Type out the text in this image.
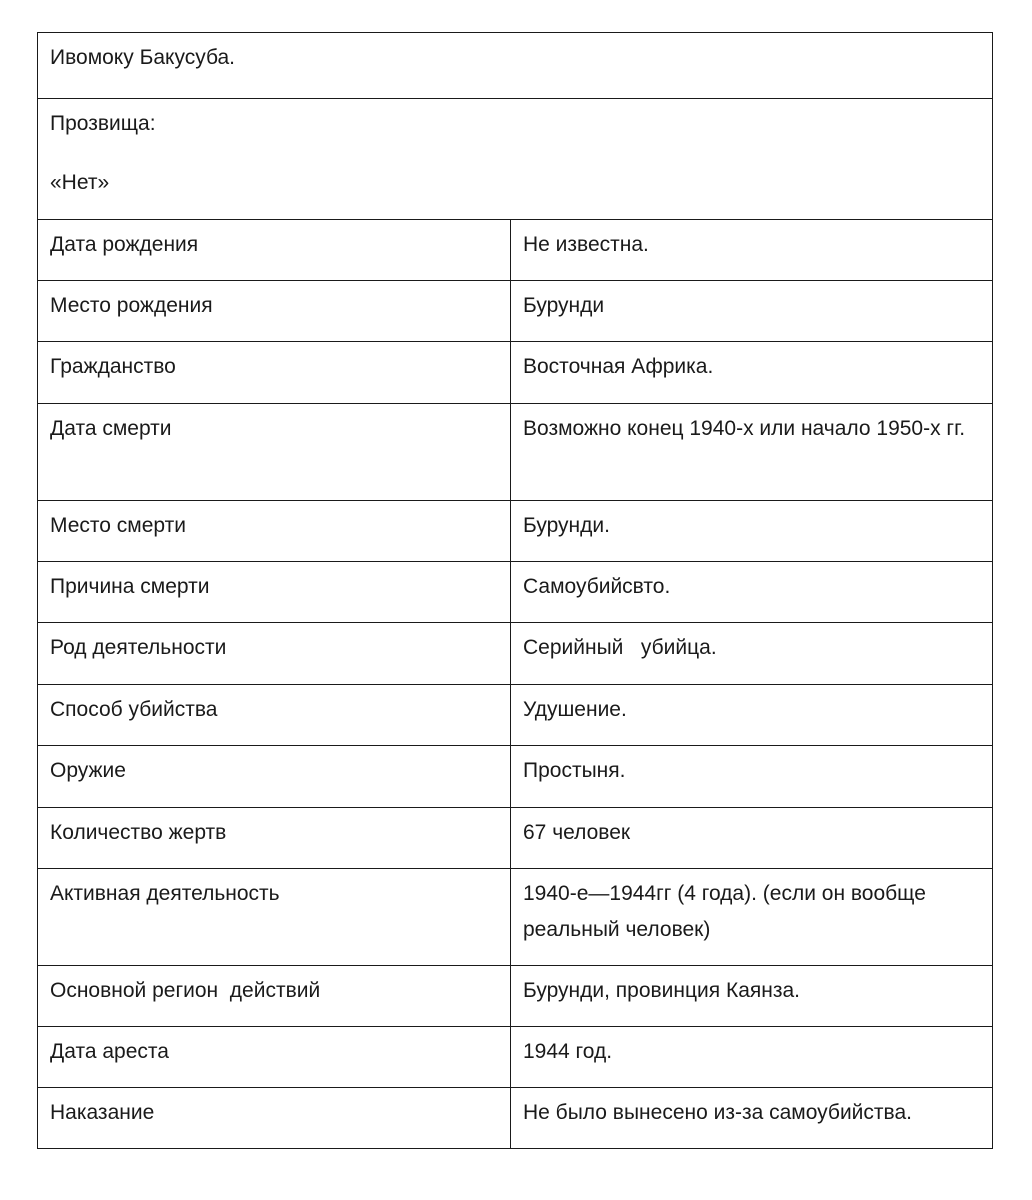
Ивомоку Бакусуба.	

Прозвища:
«Нет»	

Дата рождения	Не известна.
Место рождения	Бурунди
Гражданство	Восточная Африка.
Дата смерти	Возможно конец 1940-х или начало 1950-х гг.
Место смерти	Бурунди.
Причина смерти	Самоубийсвто.
Род деятельности	Серийный   убийца.
Способ убийства	Удушение.
Оружие	Простыня.
Количество жертв	67 человек
Активная деятельность	1940-е—1944гг (4 года). (если он вообще реальный человек)
Основной регион  действий	Бурунди, провинция Каянза.
Дата ареста	1944 год.
Наказание	Не было вынесено из-за самоубийства.
